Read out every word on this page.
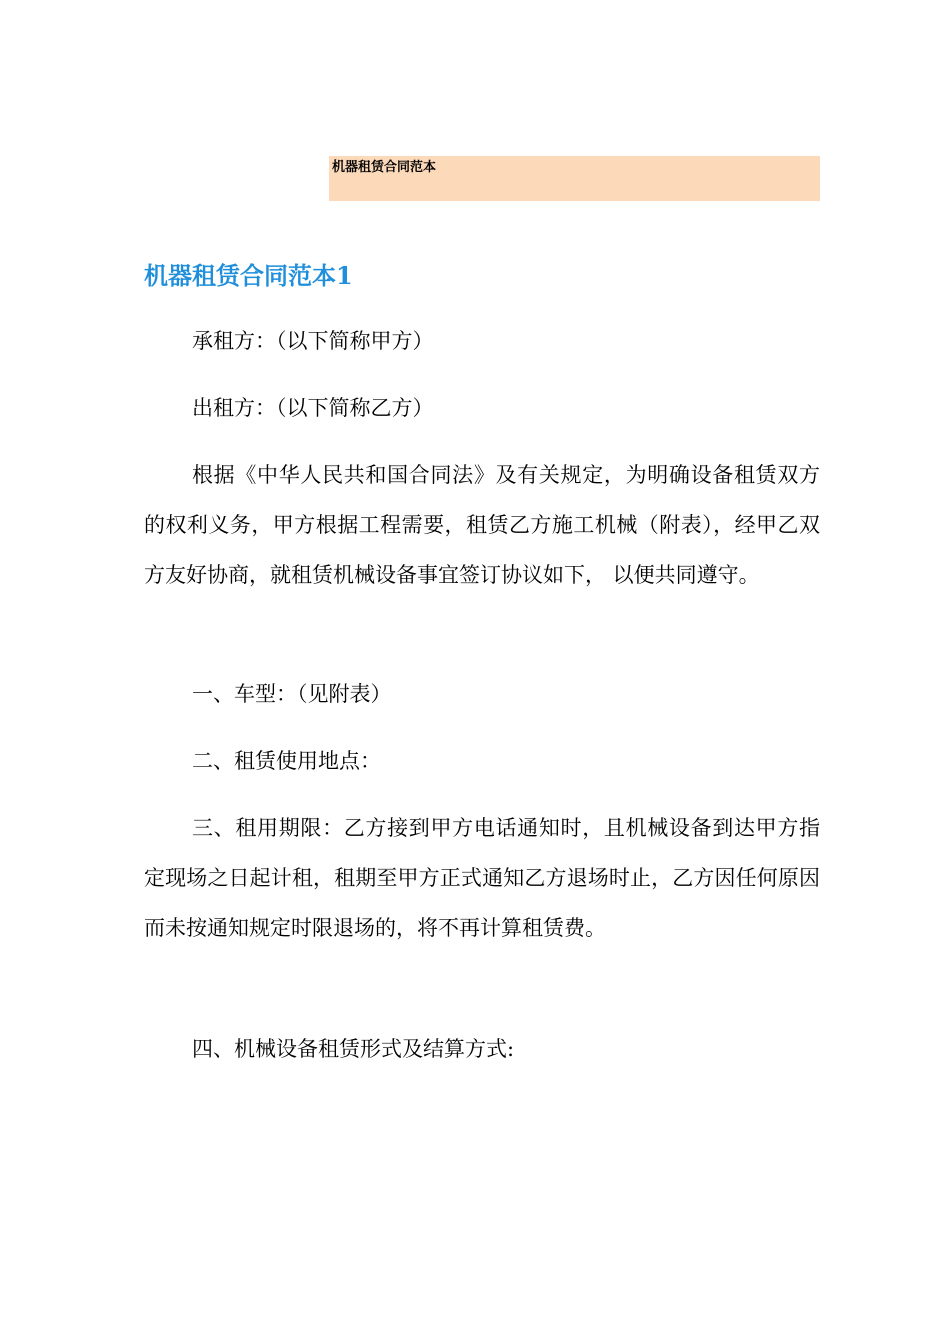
机器租赁合同范本
机器租赁合同范本1

承租方：（以下简称甲方）

出租方：（以下简称乙方）

根据《中华人民共和国合同法》及有关规定，为明确设备租赁双方的权利义务，甲方根据工程需要，租赁乙方施工机械（附表），经甲乙双方友好协商，就租赁机械设备事宜签订协议如下， 以便共同遵守。

一、车型：（见附表）

二、租赁使用地点：

三、租用期限：乙方接到甲方电话通知时，且机械设备到达甲方指定现场之日起计租，租期至甲方正式通知乙方退场时止，乙方因任何原因而未按通知规定时限退场的，将不再计算租赁费。

四、机械设备租赁形式及结算方式:
